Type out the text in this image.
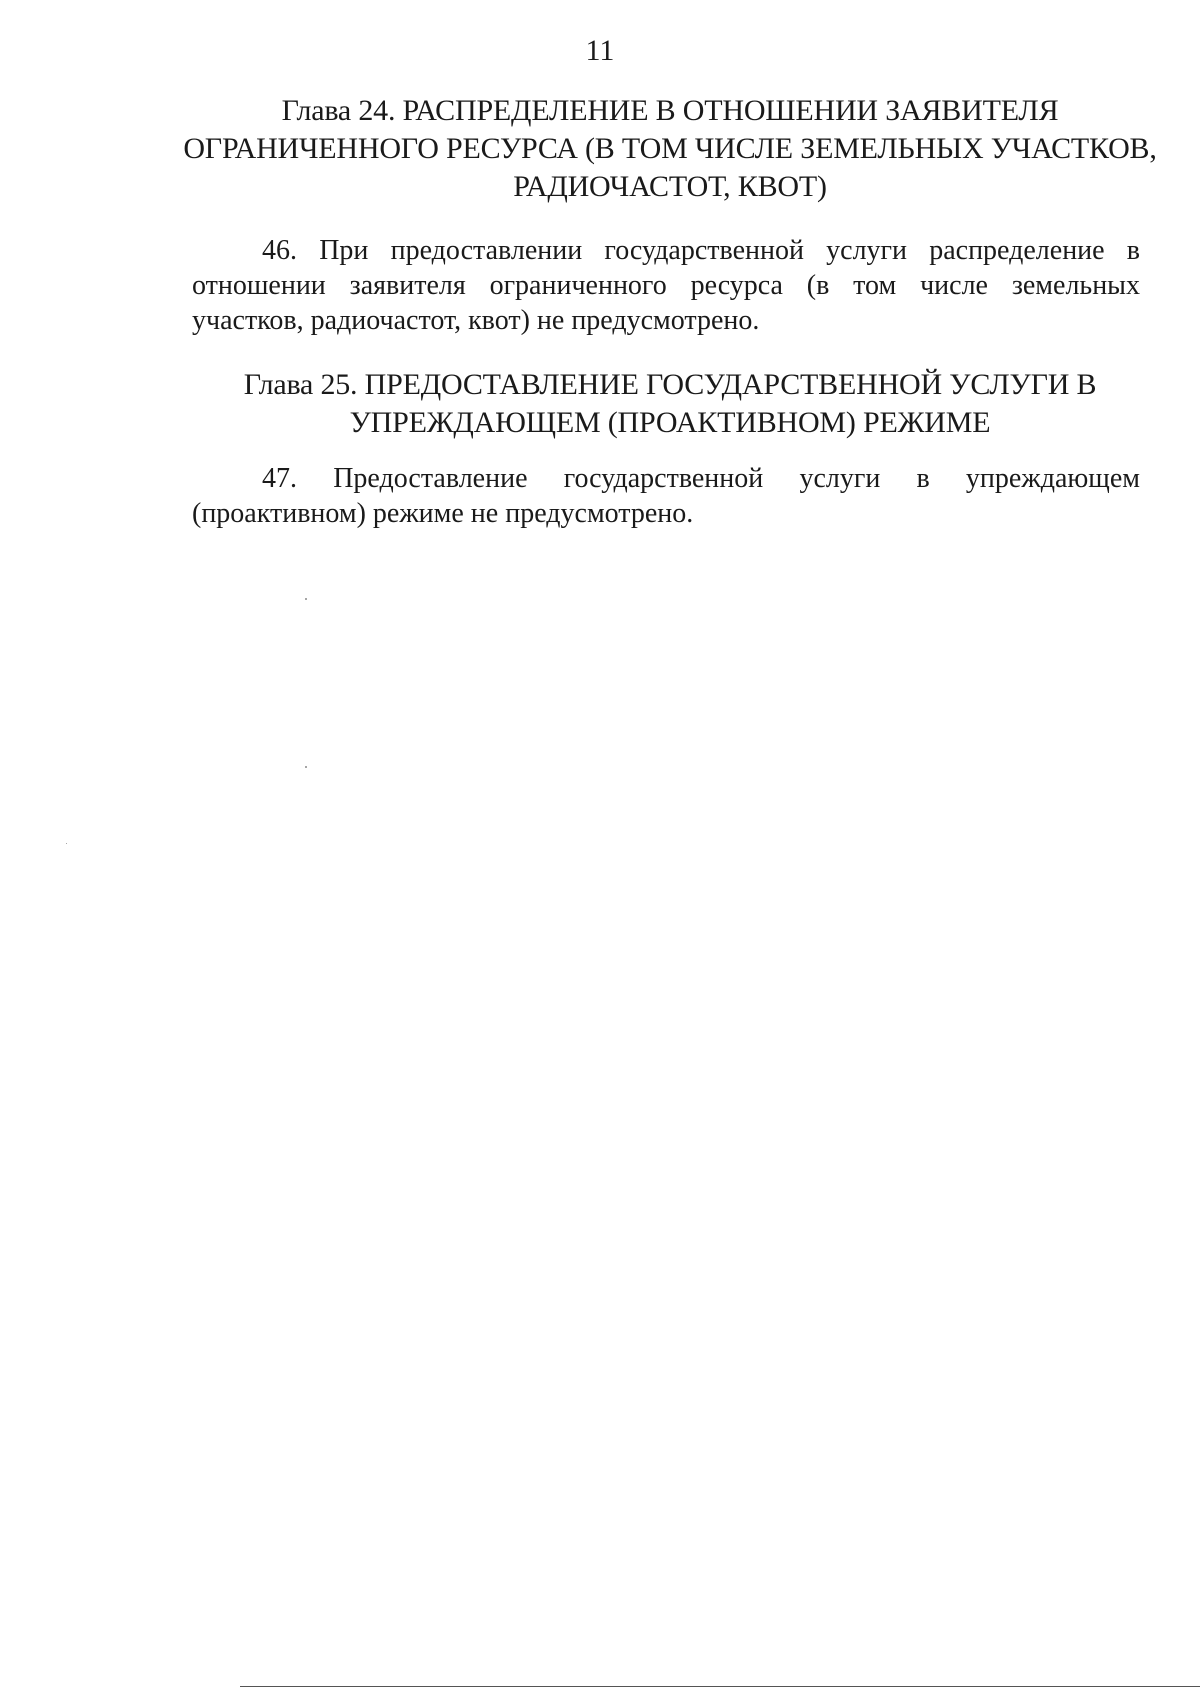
11
Глава 24. РАСПРЕДЕЛЕНИЕ В ОТНОШЕНИИ ЗАЯВИТЕЛЯ
ОГРАНИЧЕННОГО РЕСУРСА (В ТОМ ЧИСЛЕ ЗЕМЕЛЬНЫХ УЧАСТКОВ,
РАДИОЧАСТОТ, КВОТ)
46. При предоставлении государственной услуги распределение в
отношении заявителя ограниченного ресурса (в том числе земельных
участков, радиочастот, квот) не предусмотрено.
Глава 25. ПРЕДОСТАВЛЕНИЕ ГОСУДАРСТВЕННОЙ УСЛУГИ В
УПРЕЖДАЮЩЕМ (ПРОАКТИВНОМ) РЕЖИМЕ
47. Предоставление государственной услуги в упреждающем
(проактивном) режиме не предусмотрено.
